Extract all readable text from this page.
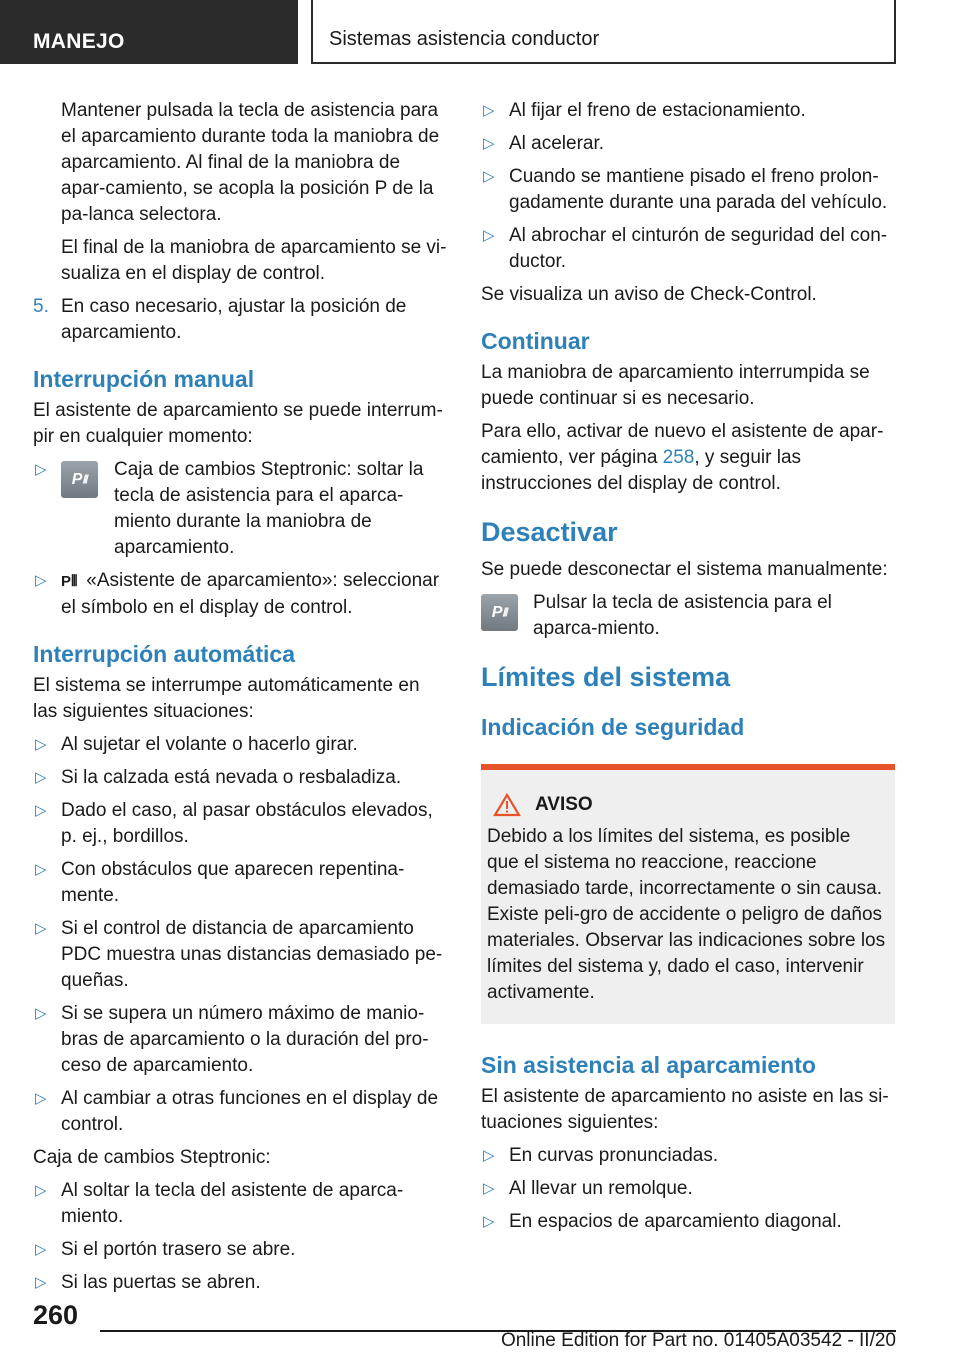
MANEJO	Sistemas asistencia conductor

Mantener pulsada la tecla de asistencia para el aparcamiento durante toda la maniobra de aparcamiento. Al final de la maniobra de apar‐camiento, se acopla la posición P de la pa‐lanca selectora.

El final de la maniobra de aparcamiento se vi‐sualiza en el display de control.

5. En caso necesario, ajustar la posición de aparcamiento.
Interrupción manual

El asistente de aparcamiento se puede interrum‐pir en cualquier momento:

▷
P ⦀ Caja de cambios Steptronic: soltar la tecla de asistencia para el aparca‐miento durante la maniobra de aparcamiento.
▷ P⦀ «Asistente de aparcamiento»: seleccionar el símbolo en el display de control.
Interrupción automática

El sistema se interrumpe automáticamente en las siguientes situaciones:

▷ Al sujetar el volante o hacerlo girar.
▷ Si la calzada está nevada o resbaladiza.
▷ Dado el caso, al pasar obstáculos elevados, p. ej., bordillos.
▷ Con obstáculos que aparecen repentina‐mente.
▷ Si el control de distancia de aparcamiento PDC muestra unas distancias demasiado pe‐queñas.
▷ Si se supera un número máximo de manio‐bras de aparcamiento o la duración del pro‐ceso de aparcamiento.
▷ Al cambiar a otras funciones en el display de control.

Caja de cambios Steptronic:

▷ Al soltar la tecla del asistente de aparca‐miento.
▷ Si el portón trasero se abre.
▷ Si las puertas se abren.
▷ Al fijar el freno de estacionamiento.
▷ Al acelerar.
▷ Cuando se mantiene pisado el freno prolon‐gadamente durante una parada del vehículo.
▷ Al abrochar el cinturón de seguridad del con‐ductor.

Se visualiza un aviso de Check-Control.

Continuar

La maniobra de aparcamiento interrumpida se puede continuar si es necesario.

Para ello, activar de nuevo el asistente de apar‐camiento, ver página 258, y seguir las instrucciones del display de control.

Desactivar

Se puede desconectar el sistema manualmente:

P ⦀ Pulsar la tecla de asistencia para el aparca‐miento.
Límites del sistema
Indicación de seguridad
AVISO

Debido a los límites del sistema, es posible que el sistema no reaccione, reaccione demasiado tarde, incorrectamente o sin causa. Existe peli‐gro de accidente o peligro de daños materiales. Observar las indicaciones sobre los límites del sistema y, dado el caso, intervenir activamente.

Sin asistencia al aparcamiento

El asistente de aparcamiento no asiste en las si‐tuaciones siguientes:

▷ En curvas pronunciadas.
▷ Al llevar un remolque.
▷ En espacios de aparcamiento diagonal.
260
Online Edition for Part no. 01405A03542 - II/20
